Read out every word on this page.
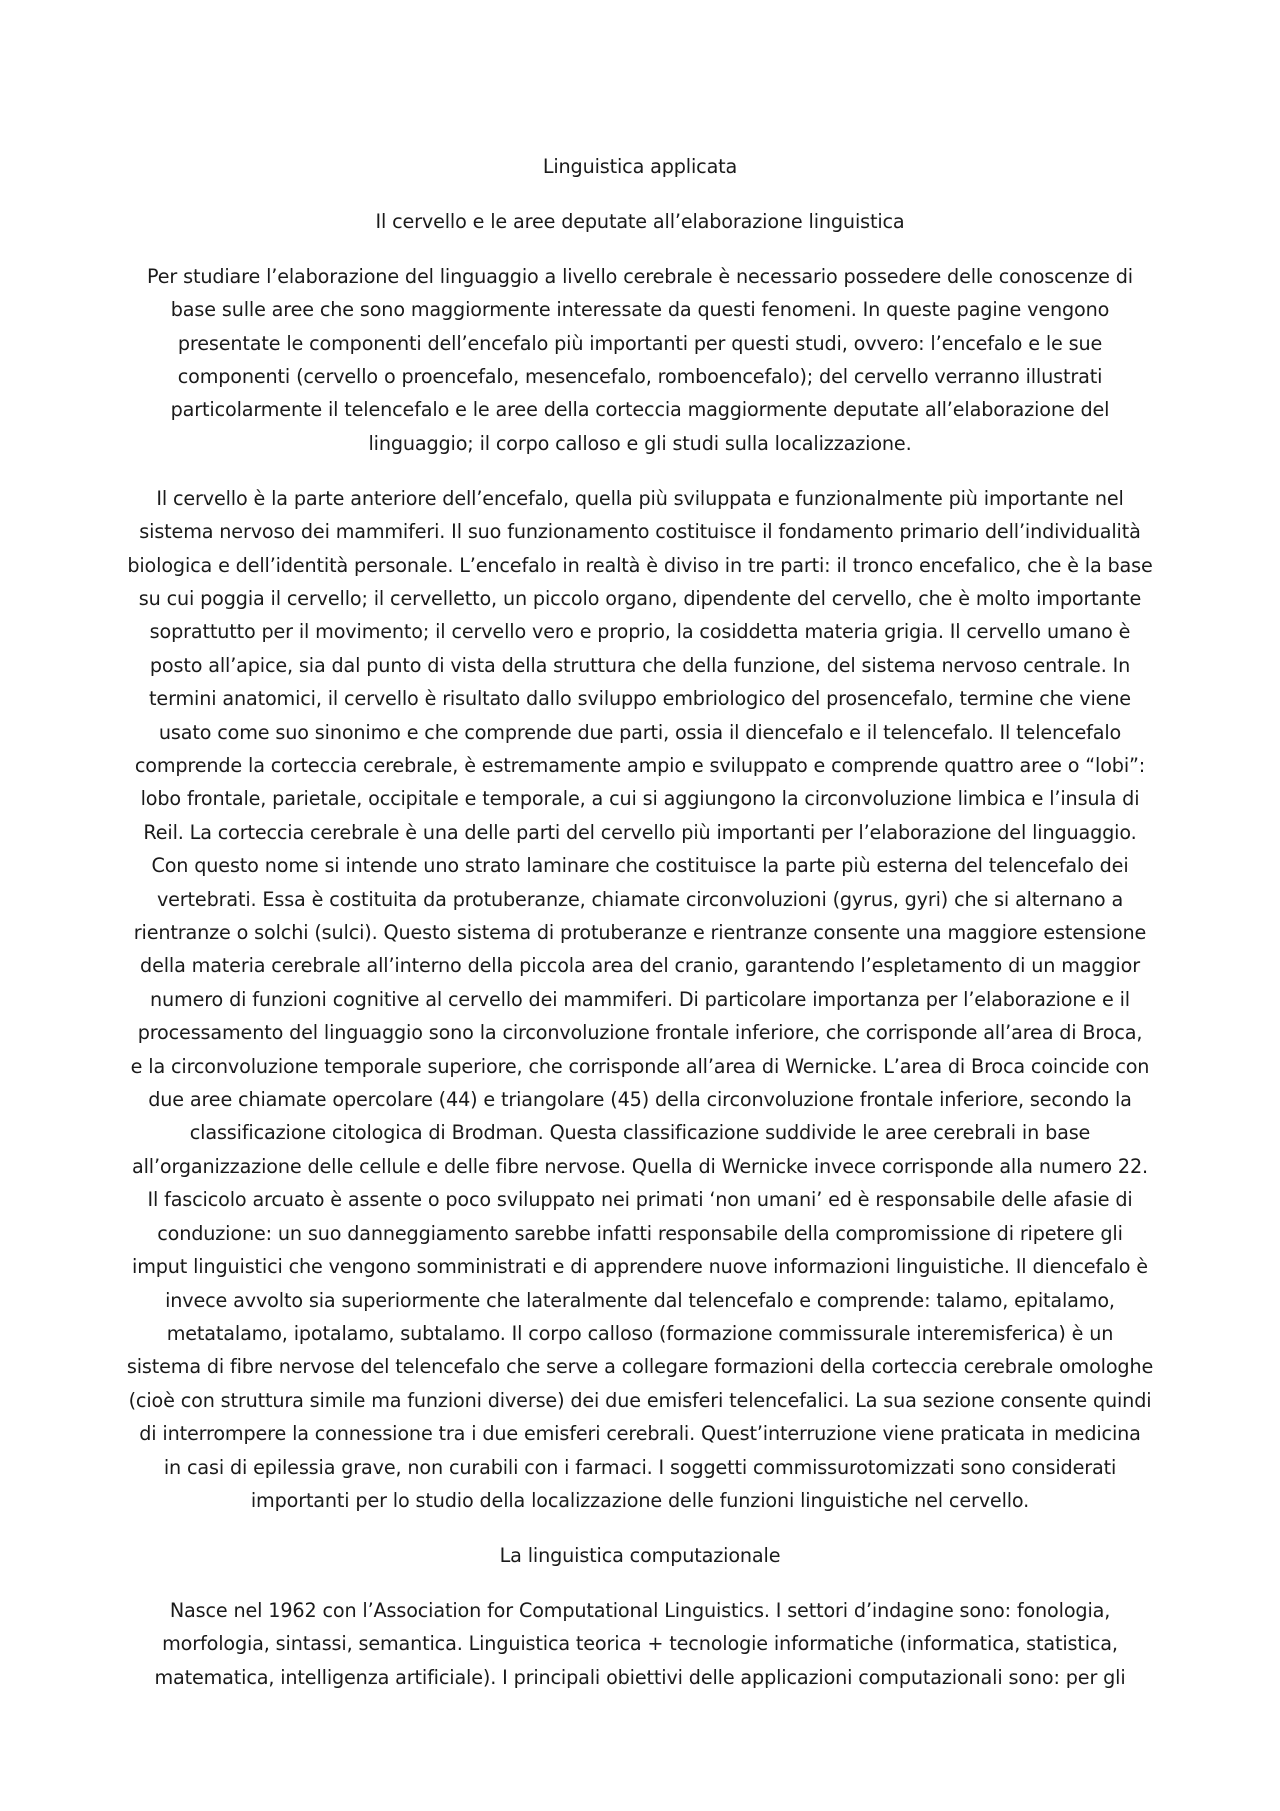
Linguistica applicata
Il cervello e le aree deputate all’elaborazione linguistica
Per studiare l’elaborazione del linguaggio a livello cerebrale è necessario possedere delle conoscenze di
base sulle aree che sono maggiormente interessate da questi fenomeni. In queste pagine vengono
presentate le componenti dell’encefalo più importanti per questi studi, ovvero: l’encefalo e le sue
componenti (cervello o proencefalo, mesencefalo, romboencefalo); del cervello verranno illustrati
particolarmente il telencefalo e le aree della corteccia maggiormente deputate all’elaborazione del
linguaggio; il corpo calloso e gli studi sulla localizzazione.
Il cervello è la parte anteriore dell’encefalo, quella più sviluppata e funzionalmente più importante nel
sistema nervoso dei mammiferi. Il suo funzionamento costituisce il fondamento primario dell’individualità
biologica e dell’identità personale. L’encefalo in realtà è diviso in tre parti: il tronco encefalico, che è la base
su cui poggia il cervello; il cervelletto, un piccolo organo, dipendente del cervello, che è molto importante
soprattutto per il movimento; il cervello vero e proprio, la cosiddetta materia grigia. Il cervello umano è
posto all’apice, sia dal punto di vista della struttura che della funzione, del sistema nervoso centrale. In
termini anatomici, il cervello è risultato dallo sviluppo embriologico del prosencefalo, termine che viene
usato come suo sinonimo e che comprende due parti, ossia il diencefalo e il telencefalo. Il telencefalo
comprende la corteccia cerebrale, è estremamente ampio e sviluppato e comprende quattro aree o “lobi”:
lobo frontale, parietale, occipitale e temporale, a cui si aggiungono la circonvoluzione limbica e l’insula di
Reil. La corteccia cerebrale è una delle parti del cervello più importanti per l’elaborazione del linguaggio.
Con questo nome si intende uno strato laminare che costituisce la parte più esterna del telencefalo dei
vertebrati. Essa è costituita da protuberanze, chiamate circonvoluzioni (gyrus, gyri) che si alternano a
rientranze o solchi (sulci). Questo sistema di protuberanze e rientranze consente una maggiore estensione
della materia cerebrale all’interno della piccola area del cranio, garantendo l’espletamento di un maggior
numero di funzioni cognitive al cervello dei mammiferi. Di particolare importanza per l’elaborazione e il
processamento del linguaggio sono la circonvoluzione frontale inferiore, che corrisponde all’area di Broca,
e la circonvoluzione temporale superiore, che corrisponde all’area di Wernicke. L’area di Broca coincide con
due aree chiamate opercolare (44) e triangolare (45) della circonvoluzione frontale inferiore, secondo la
classificazione citologica di Brodman. Questa classificazione suddivide le aree cerebrali in base
all’organizzazione delle cellule e delle fibre nervose. Quella di Wernicke invece corrisponde alla numero 22.
Il fascicolo arcuato è assente o poco sviluppato nei primati ‘non umani’ ed è responsabile delle afasie di
conduzione: un suo danneggiamento sarebbe infatti responsabile della compromissione di ripetere gli
imput linguistici che vengono somministrati e di apprendere nuove informazioni linguistiche. Il diencefalo è
invece avvolto sia superiormente che lateralmente dal telencefalo e comprende: talamo, epitalamo,
metatalamo, ipotalamo, subtalamo. Il corpo calloso (formazione commissurale interemisferica) è un
sistema di fibre nervose del telencefalo che serve a collegare formazioni della corteccia cerebrale omologhe
(cioè con struttura simile ma funzioni diverse) dei due emisferi telencefalici. La sua sezione consente quindi
di interrompere la connessione tra i due emisferi cerebrali. Quest’interruzione viene praticata in medicina
in casi di epilessia grave, non curabili con i farmaci. I soggetti commissurotomizzati sono considerati
importanti per lo studio della localizzazione delle funzioni linguistiche nel cervello.
La linguistica computazionale
Nasce nel 1962 con l’Association for Computational Linguistics. I settori d’indagine sono: fonologia,
morfologia, sintassi, semantica. Linguistica teorica + tecnologie informatiche (informatica, statistica,
matematica, intelligenza artificiale). I principali obiettivi delle applicazioni computazionali sono: per gli
